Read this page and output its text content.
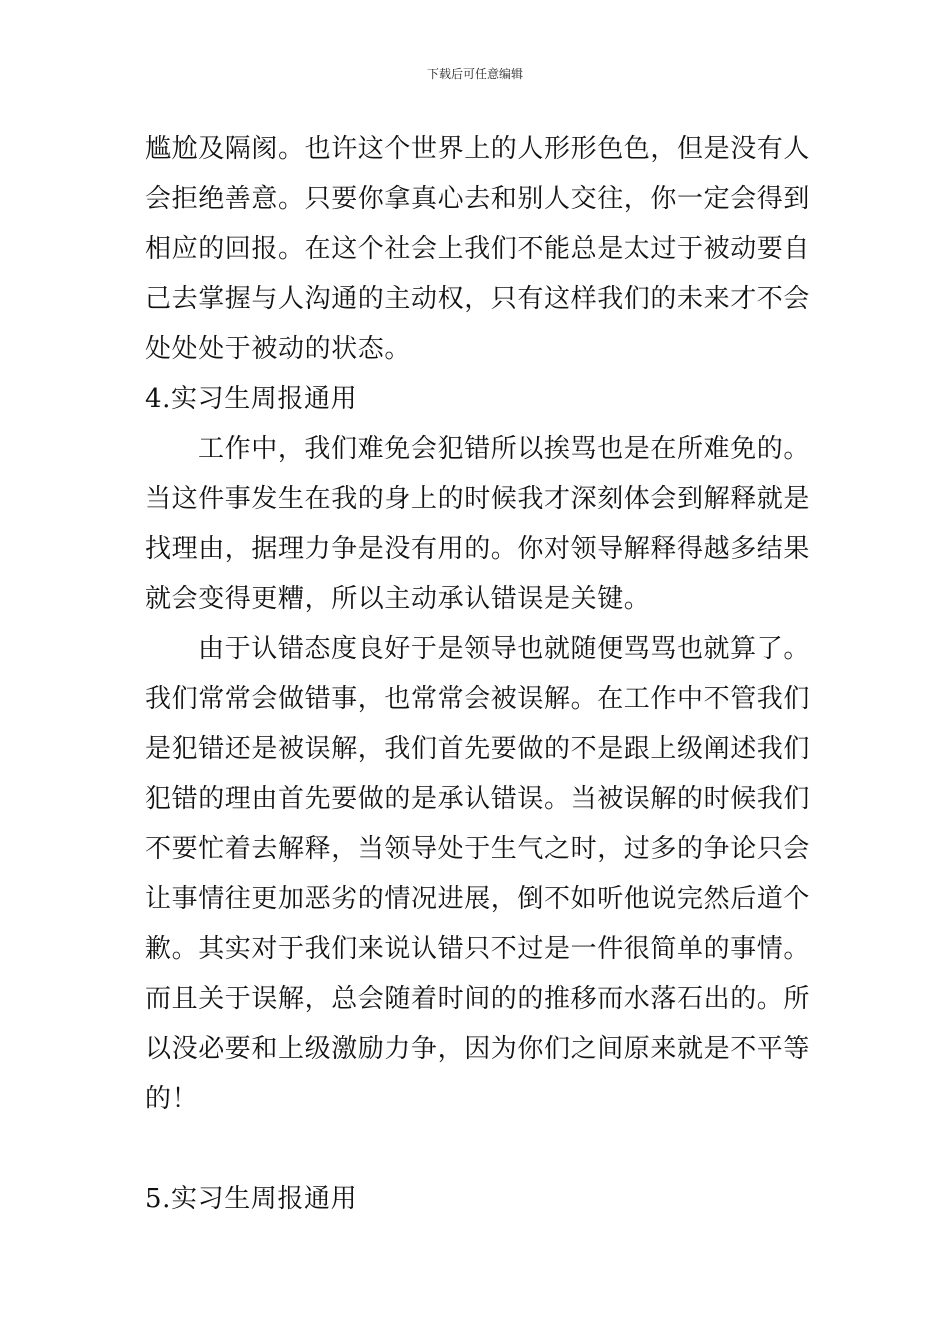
下载后可任意编辑

尴尬及隔阂。也许这个世界上的人形形色色，但是没有人会拒绝善意。只要你拿真心去和别人交往，你一定会得到相应的回报。在这个社会上我们不能总是太过于被动要自己去掌握与人沟通的主动权，只有这样我们的未来才不会处处处于被动的状态。

4.实习生周报通用

工作中，我们难免会犯错所以挨骂也是在所难免的。当这件事发生在我的身上的时候我才深刻体会到解释就是找理由，据理力争是没有用的。你对领导解释得越多结果就会变得更糟，所以主动承认错误是关键。

由于认错态度良好于是领导也就随便骂骂也就算了。我们常常会做错事，也常常会被误解。在工作中不管我们是犯错还是被误解，我们首先要做的不是跟上级阐述我们犯错的理由首先要做的是承认错误。当被误解的时候我们不要忙着去解释，当领导处于生气之时，过多的争论只会让事情往更加恶劣的情况进展，倒不如听他说完然后道个歉。其实对于我们来说认错只不过是一件很简单的事情。而且关于误解，总会随着时间的的推移而水落石出的。所以没必要和上级激励力争，因为你们之间原来就是不平等的！

5.实习生周报通用
